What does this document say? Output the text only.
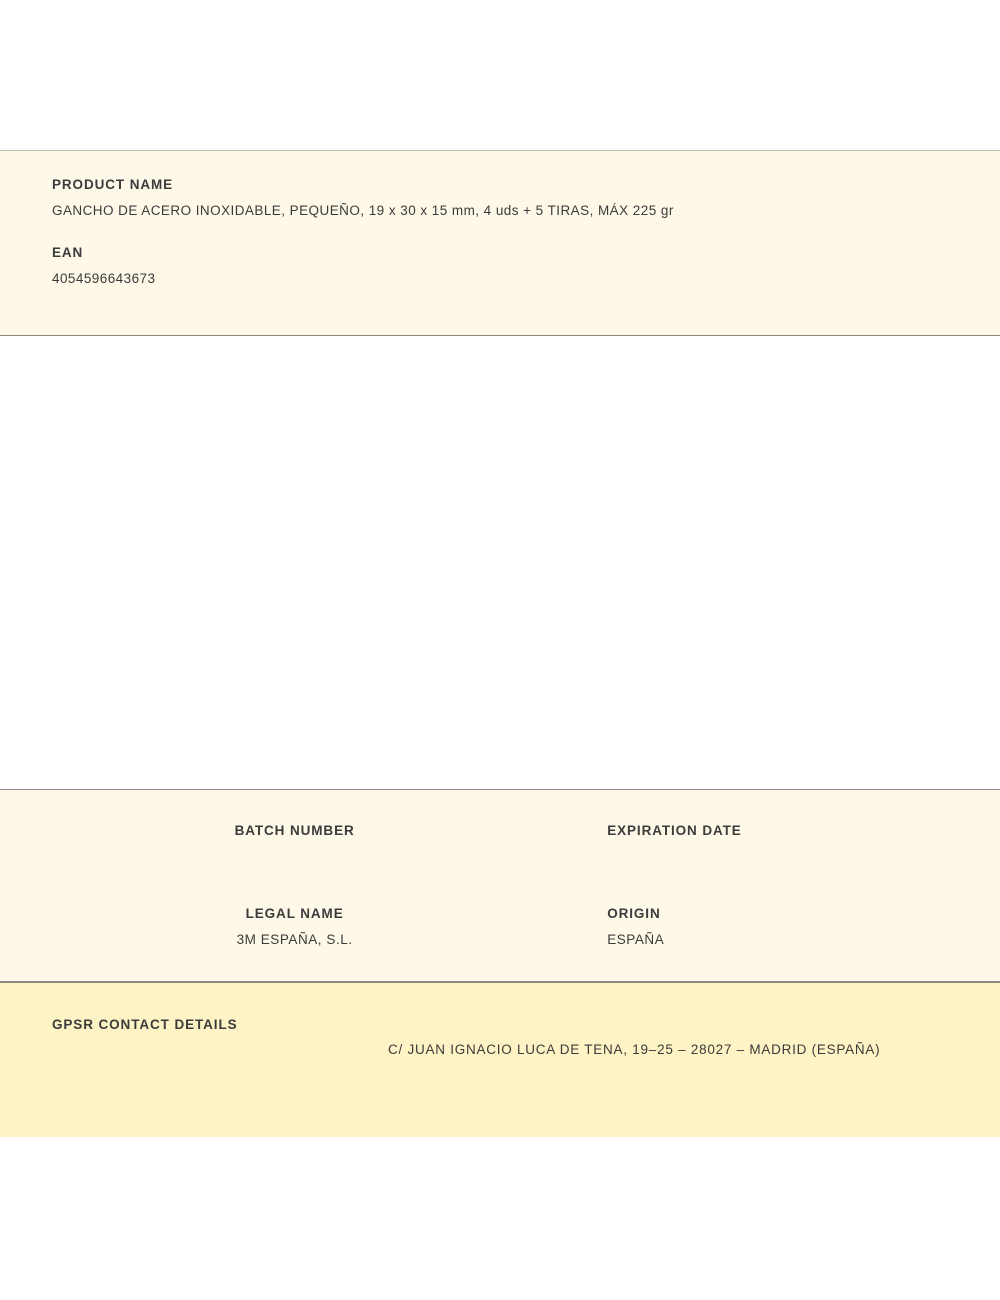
PRODUCT NAME
GANCHO DE ACERO INOXIDABLE, PEQUEÑO, 19 x 30 x 15 mm, 4 uds + 5 TIRAS, MÁX 225 gr
EAN
4054596643673
BATCH NUMBER	EXPIRATION DATE
LEGAL NAME
3M ESPAÑA, S.L.
ORIGIN
ESPAÑA
GPSR CONTACT DETAILS
C/ JUAN IGNACIO LUCA DE TENA, 19–25 – 28027 – MADRID (ESPAÑA)
